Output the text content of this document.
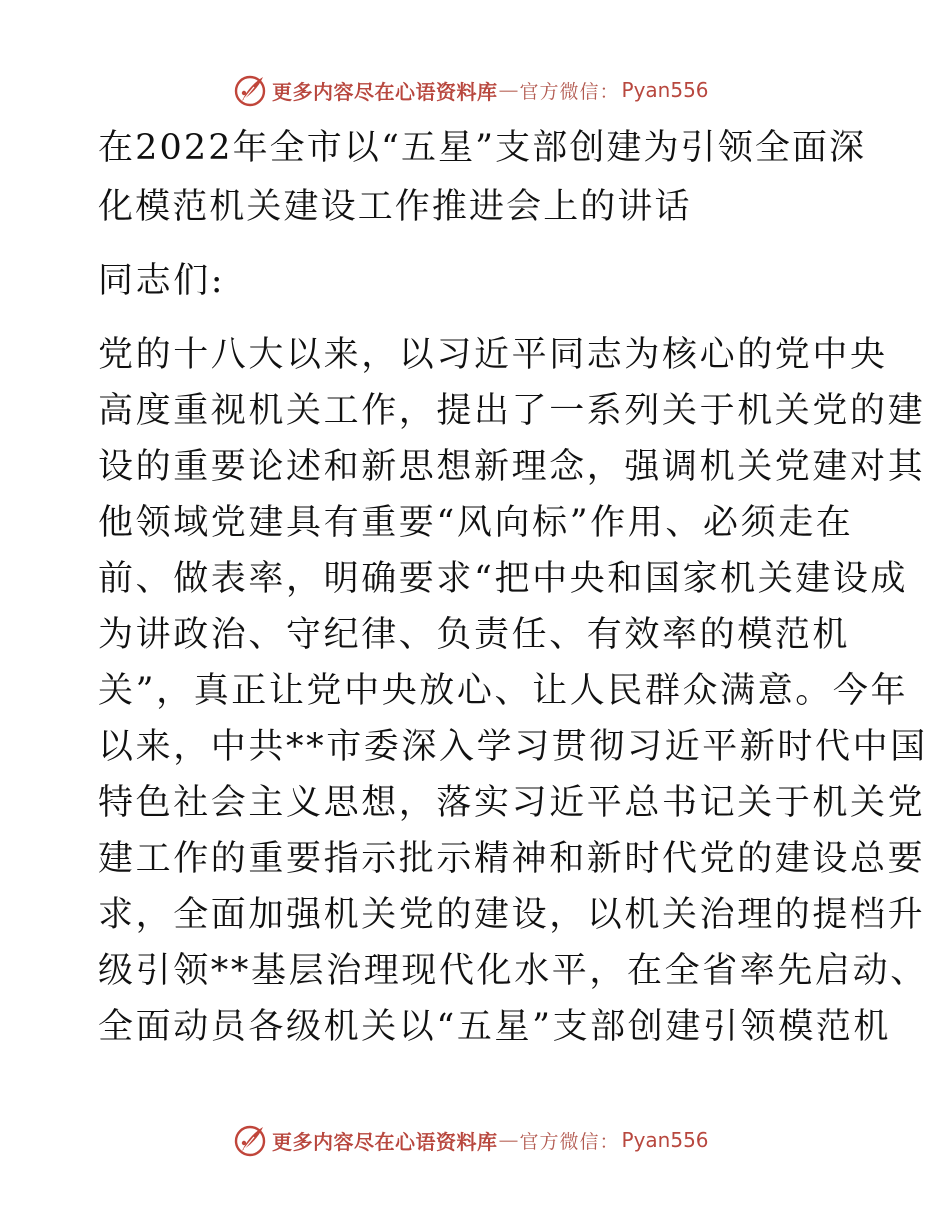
更多内容尽在心语资料库 — 官方微信： Pyan556
在2022年全市以“五星”支部创建为引领全面深
化模范机关建设工作推进会上的讲话
同志们:
党的十八大以来，以习近平同志为核心的党中央
高度重视机关工作，提出了一系列关于机关党的建
设的重要论述和新思想新理念，强调机关党建对其
他领域党建具有重要“风向标”作用、必须走在
前、做表率，明确要求“把中央和国家机关建设成
为讲政治、守纪律、负责任、有效率的模范机
关”，真正让党中央放心、让人民群众满意。今年
以来，中共**市委深入学习贯彻习近平新时代中国
特色社会主义思想，落实习近平总书记关于机关党
建工作的重要指示批示精神和新时代党的建设总要
求，全面加强机关党的建设，以机关治理的提档升
级引领**基层治理现代化水平，在全省率先启动、
全面动员各级机关以“五星”支部创建引领模范机
更多内容尽在心语资料库 — 官方微信： Pyan556
